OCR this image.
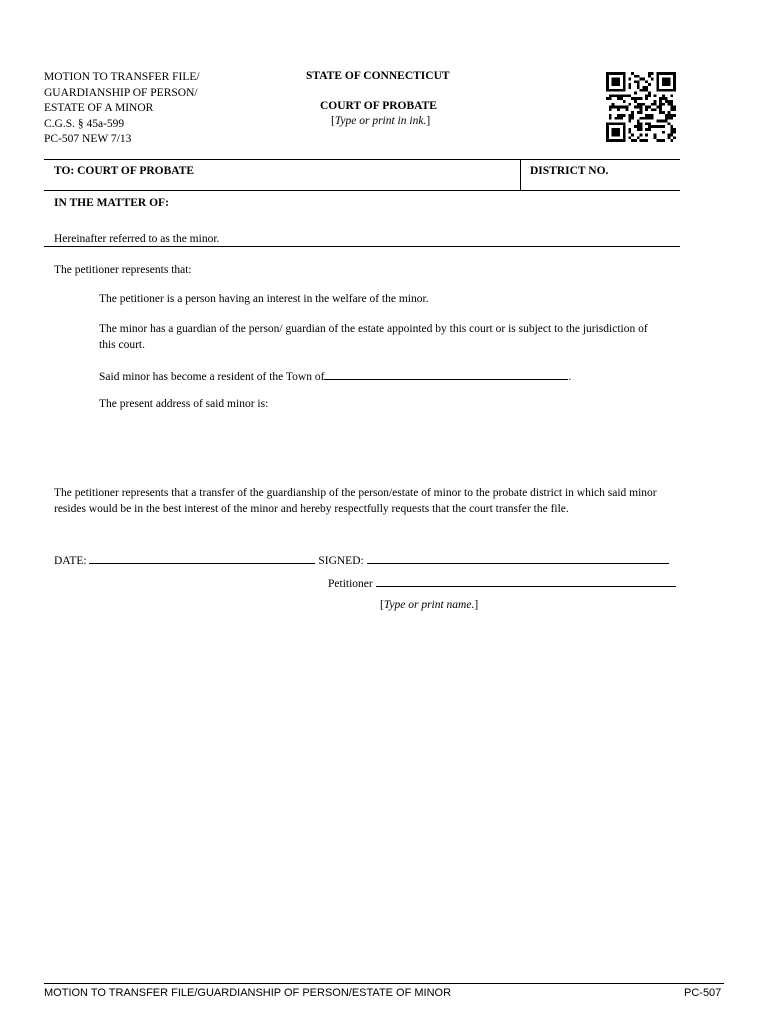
MOTION TO TRANSFER FILE/
GUARDIANSHIP OF PERSON/
ESTATE OF A MINOR
C.G.S. § 45a-599
PC-507 NEW 7/13
STATE OF CONNECTICUT
COURT OF PROBATE
[Type or print in ink.]
TO: COURT OF PROBATE	DISTRICT NO.
IN THE MATTER OF:
Hereinafter referred to as the minor.
The petitioner represents that:
The petitioner is a person having an interest in the welfare of the minor.
The minor has a guardian of the person/ guardian of the estate appointed by this court or is subject to the jurisdiction of this court.
Said minor has become a resident of the Town of	.
The present address of said minor is:
The petitioner represents that a transfer of the guardianship of the person/estate of minor to the probate district in which said minor resides would be in the best interest of the minor and hereby respectfully requests that the court transfer the file.
DATE:	SIGNED:
Petitioner
[Type or print name.]
MOTION TO TRANSFER FILE/GUARDIANSHIP OF PERSON/ESTATE OF MINOR	PC-507
